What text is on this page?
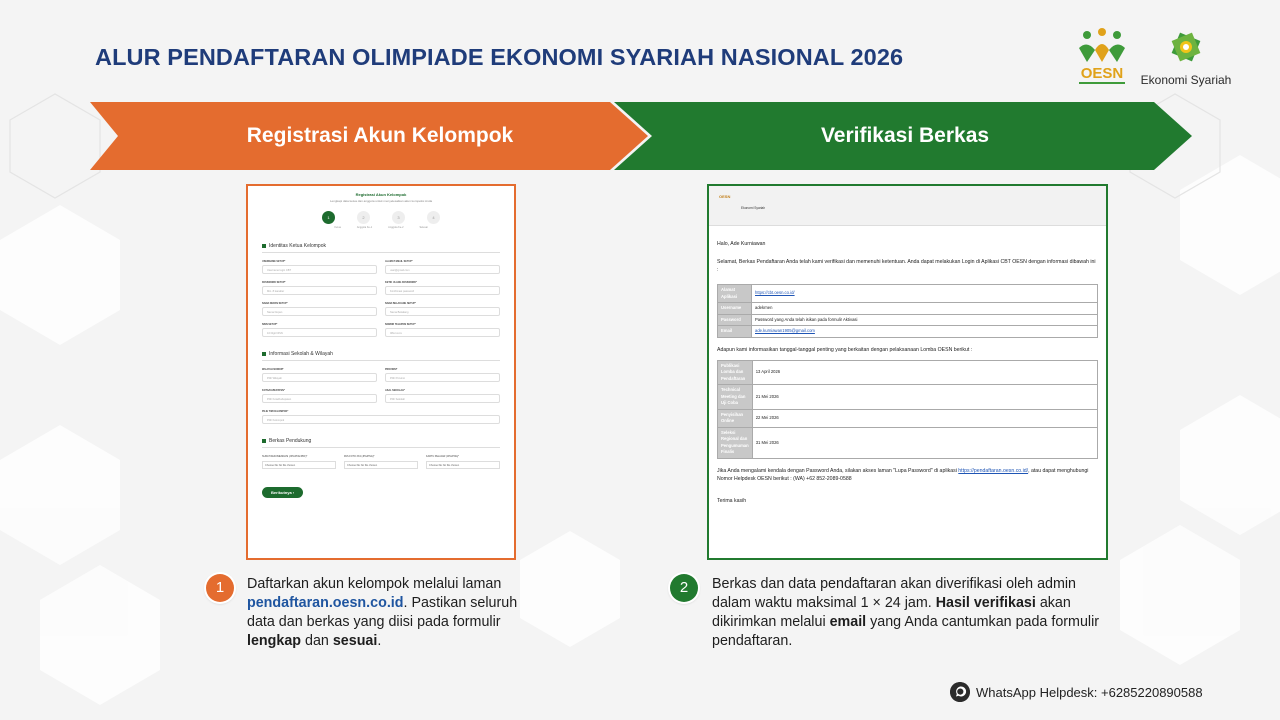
ALUR PENDAFTARAN OLIMPIADE EKONOMI SYARIAH NASIONAL 2026
OESN	Ekonomi Syariah
Registrasi Akun Kelompok	Verifikasi Berkas
Registrasi Akun Kelompok
Lengkapi data ketua dan anggota untuk menyelesaikan akun kompetisi Anda
1	2	3	4
Ketua	Anggota Ke-1	Anggota Ke-2	Selesai
Identitas Ketua Kelompok
USERNAME SETUP*
Username login CBT
ALAMAT EMAIL SETUP*
user@gmail.com
PASSWORD SETUP*
Min. 8 karakter
KETIK ULANG PASSWORD*
Konfirmasi password
NAMA DEPAN SETUP*
Nama Depan
NAMA BELAKANG SETUP*
Nama Belakang
NISN SETUP*
10 Digit NISN
NOMOR TELEPON SETUP*
08xxxxxxx
Informasi Sekolah & Wilayah
WILAYAH NOMOR*
Pilih Wilayah
PROVINSI*
Pilih Provinsi
KOTA/KABUPATEN*
Pilih Kota/Kabupaten
ASAL SEKOLAH*
Pilih Sekolah
PILIH TIM KELOMPOK*
Pilih Kelompok
Berkas Pendukung
SURAT REKOMENDASI (JPG/PNG/PDF)*
Choose file No file chosen
PAS FOTO 3X4 (JPG/PNG)*
Choose file No file chosen
KARTU PELAJAR (JPG/PNG)*
Choose file No file chosen
Berikutnya ›
OESN
Ekonomi Syariah

Halo, Ade Kurniawan

Selamat, Berkas Pendaftaran Anda telah kami verifikasi dan memenuhi ketentuan. Anda dapat melakukan Login di Aplikasi CBT OESN dengan informasi dibawah ini :

Alamat Aplikasi	https://cbt.oesn.co.id/
Username	adekrnen
Password	Password yang Anda telah isikan pada formulir Aktivasi
Email	ade.kurniawan1905@gmail.com

Adapun kami informasikan tanggal-tanggal penting yang berkaitan dengan pelaksanaan Lomba OESN berikut :

Publikasi Lomba dan Pendaftaran	13 April 2026
Technical Meeting dan Uji Coba	21 Mei 2026
Penyisihan Online	22 Mei 2026
Seleksi Regional dan Pengumuman Finalis	31 Mei 2026

Jika Anda mengalami kendala dengan Password Anda, silakan akses laman "Lupa Password" di aplikasi https://pendaftaran.oesn.co.id/, atau dapat menghubungi Nomor Helpdesk OESN berikut : (WA) +62 852-2089-0588

Terima kasih

1	Daftarkan akun kelompok melalui laman pendaftaran.oesn.co.id. Pastikan seluruh data dan berkas yang diisi pada formulir lengkap dan sesuai.
2	Berkas dan data pendaftaran akan diverifikasi oleh admin dalam waktu maksimal 1 × 24 jam. Hasil verifikasi akan dikirimkan melalui email yang Anda cantumkan pada formulir pendaftaran.
WhatsApp Helpdesk: +6285220890588
